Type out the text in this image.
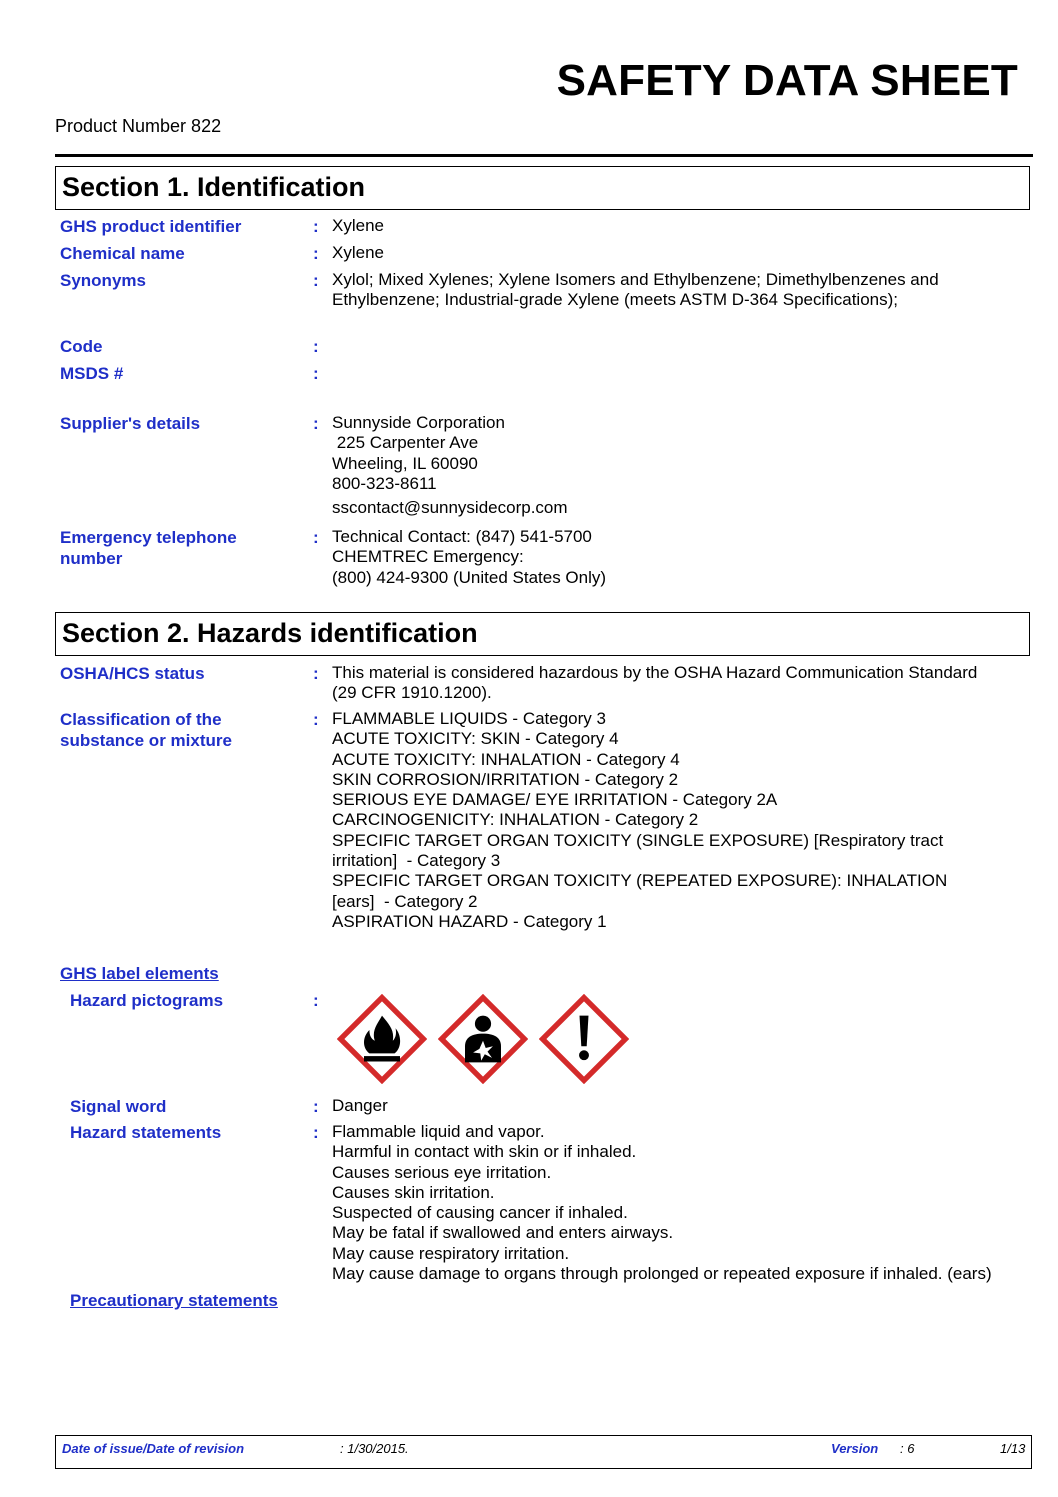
SAFETY DATA SHEET
Product Number 822
Section 1. Identification
GHS product identifier	: Xylene
Chemical name	: Xylene
Synonyms	: Xylol; Mixed Xylenes; Xylene Isomers and Ethylbenzene; Dimethylbenzenes and
Ethylbenzene; Industrial-grade Xylene (meets ASTM D-364 Specifications);
Code	:
MSDS #	:
Supplier's details	: Sunnyside Corporation
225 Carpenter Ave
Wheeling, IL 60090
800-323-8611
sscontact@sunnysidecorp.com
Emergency telephone
number
: Technical Contact: (847) 541-5700
CHEMTREC Emergency:
(800) 424-9300 (United States Only)
Section 2. Hazards identification
OSHA/HCS status	: This material is considered hazardous by the OSHA Hazard Communication Standard
(29 CFR 1910.1200).
Classification of the
substance or mixture
: FLAMMABLE LIQUIDS - Category 3
ACUTE TOXICITY: SKIN - Category 4
ACUTE TOXICITY: INHALATION - Category 4
SKIN CORROSION/IRRITATION - Category 2
SERIOUS EYE DAMAGE/ EYE IRRITATION - Category 2A
CARCINOGENICITY: INHALATION - Category 2
SPECIFIC TARGET ORGAN TOXICITY (SINGLE EXPOSURE) [Respiratory tract
irritation]  - Category 3
SPECIFIC TARGET ORGAN TOXICITY (REPEATED EXPOSURE): INHALATION
[ears]  - Category 2
ASPIRATION HAZARD - Category 1
GHS label elements
Hazard pictograms	:
Signal word	: Danger
Hazard statements	: Flammable liquid and vapor.
Harmful in contact with skin or if inhaled.
Causes serious eye irritation.
Causes skin irritation.
Suspected of causing cancer if inhaled.
May be fatal if swallowed and enters airways.
May cause respiratory irritation.
May cause damage to organs through prolonged or repeated exposure if inhaled. (ears)
Precautionary statements
Date of issue/Date of revision	: 1/30/2015.	Version : 6	1/13
